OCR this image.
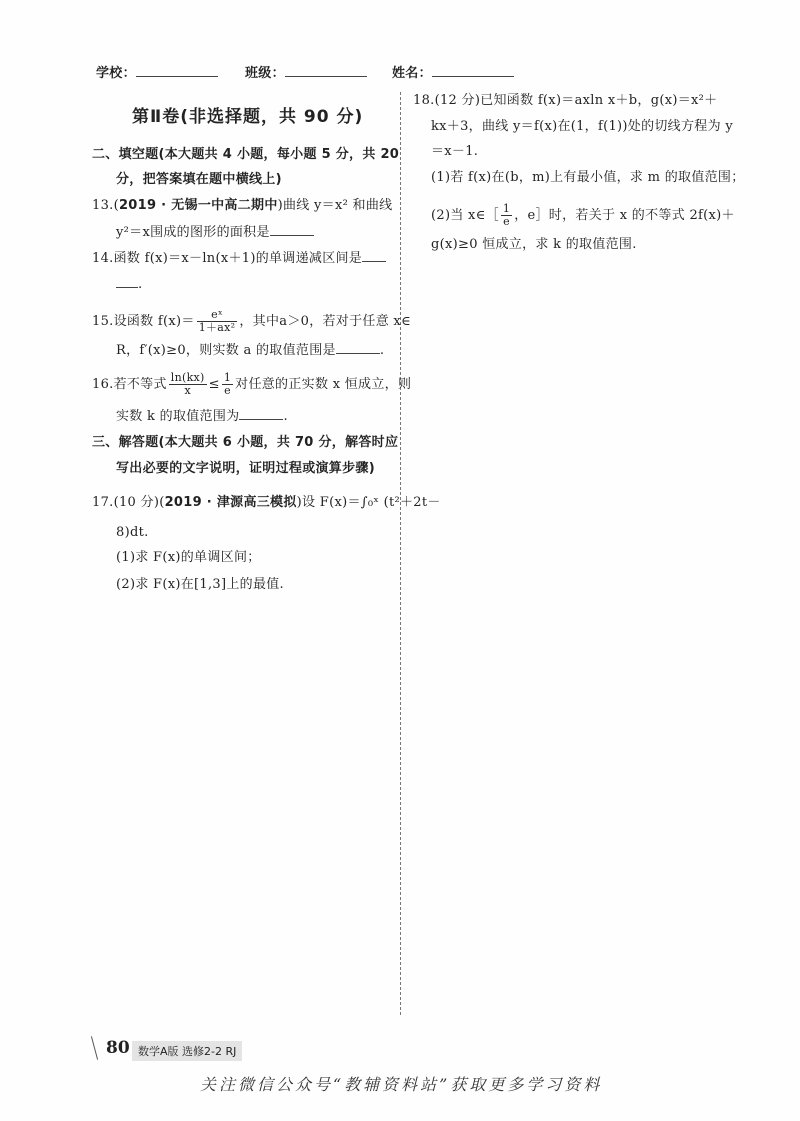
学校：	班级：	姓名：
第Ⅱ卷(非选择题，共 90 分)
二、填空题(本大题共 4 小题，每小题 5 分，共 20
分，把答案填在题中横线上)
13.(2019 · 无锡一中高二期中)曲线 y＝x² 和曲线
y²＝x围成的图形的面积是
14.函数 f(x)＝x－ln(x＋1)的单调递减区间是
.
15.设函数 $f(x)= \frac{\text{eˣ}}{\text{1＋ax²}}$ ，其中a＞0，若对于任意 x∈
R，f′(x)≥0，则实数 a 的取值范围是	.
16.若不等式 $\frac{\ln(kx)}{x} \le \frac{1}{e}$ 对任意的正实数 x 恒成立，则
实数 k 的取值范围为	.
三、解答题(本大题共 6 小题，共 70 分，解答时应
写出必要的文字说明，证明过程或演算步骤)
17.(10 分)(2019 · 津源高三模拟)设 F(x)＝∫₀ˣ (t²＋2t－
8)dt.
(1)求 F(x)的单调区间；
(2)求 F(x)在[1,3]上的最值.
18.(12 分)已知函数 f(x)＝axln x＋b，g(x)＝x²＋
kx＋3，曲线 y＝f(x)在(1，f(1))处的切线方程为 y
＝x－1.
(1)若 f(x)在(b，m)上有最小值，求 m 的取值范围；
(2)当 x∈［ $\frac{1}{e}$ ，e］时，若关于 x 的不等式 2f(x)＋
g(x)≥0 恒成立，求 k 的取值范围.
80 数学A版 选修2-2 RJ
关注微信公众号“教辅资料站”获取更多学习资料
